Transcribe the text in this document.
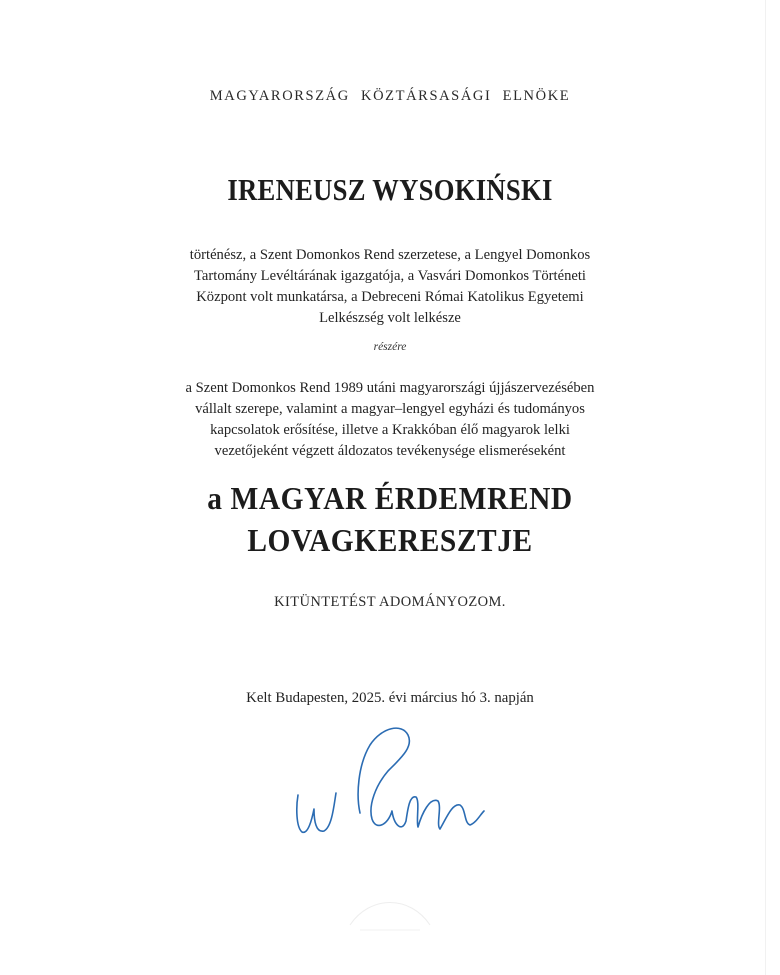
MAGYARORSZÁG KÖZTÁRSASÁGI ELNÖKE
IRENEUSZ WYSOKIŃSKI
történész, a Szent Domonkos Rend szerzetese, a Lengyel Domonkos
Tartomány Levéltárának igazgatója, a Vasvári Domonkos Történeti
Központ volt munkatársa, a Debreceni Római Katolikus Egyetemi
Lelkészség volt lelkésze
részére
a Szent Domonkos Rend 1989 utáni magyarországi újjászervezésében
vállalt szerepe, valamint a magyar–lengyel egyházi és tudományos
kapcsolatok erősítése, illetve a Krakkóban élő magyarok lelki
vezetőjeként végzett áldozatos tevékenysége elismeréseként
a MAGYAR ÉRDEMREND
LOVAGKERESZTJE
KITÜNTETÉST ADOMÁNYOZOM.
Kelt Budapesten, 2025. évi március hó 3. napján
